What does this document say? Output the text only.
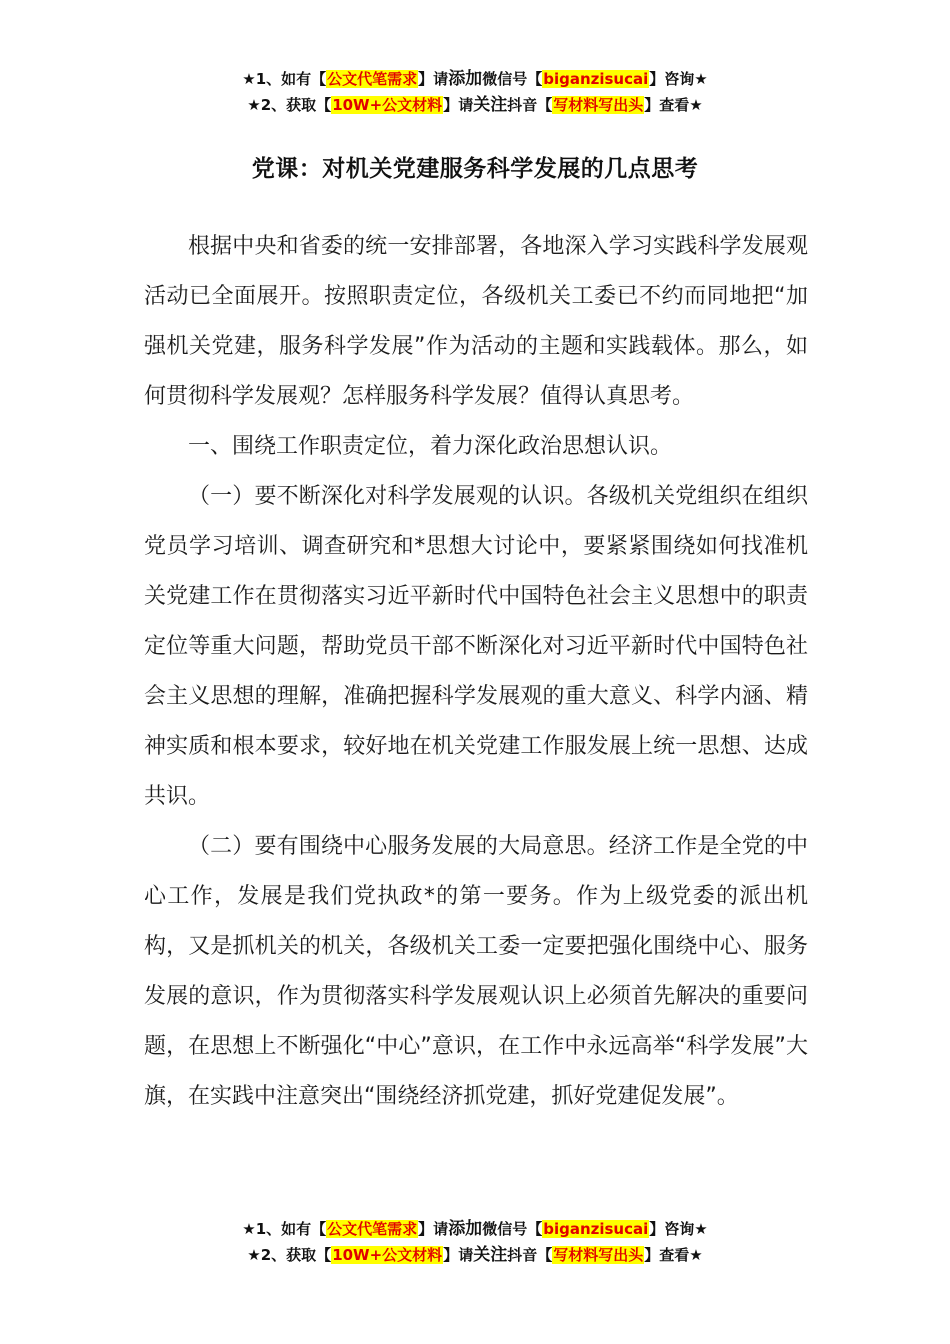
★1、如有【公文代笔需求】请添加微信号【biganzisucai】咨询★
★2、获取【10W+公文材料】请关注抖音【写材料写出头】查看★
党课：对机关党建服务科学发展的几点思考

根据中央和省委的统一安排部署，各地深入学习实践科学发展观活动已全面展开。按照职责定位，各级机关工委已不约而同地把“加强机关党建，服务科学发展”作为活动的主题和实践载体。那么，如何贯彻科学发展观？怎样服务科学发展？值得认真思考。

一、围绕工作职责定位，着力深化政治思想认识。

（一）要不断深化对科学发展观的认识。各级机关党组织在组织党员学习培训、调查研究和*思想大讨论中，要紧紧围绕如何找准机关党建工作在贯彻落实习近平新时代中国特色社会主义思想中的职责定位等重大问题，帮助党员干部不断深化对习近平新时代中国特色社会主义思想的理解，准确把握科学发展观的重大意义、科学内涵、精神实质和根本要求，较好地在机关党建工作服发展上统一思想、达成共识。

（二）要有围绕中心服务发展的大局意思。经济工作是全党的中心工作，发展是我们党执政*的第一要务。作为上级党委的派出机构，又是抓机关的机关，各级机关工委一定要把强化围绕中心、服务发展的意识，作为贯彻落实科学发展观认识上必须首先解决的重要问题，在思想上不断强化“中心”意识，在工作中永远高举“科学发展”大旗，在实践中注意突出“围绕经济抓党建，抓好党建促发展”。

★1、如有【公文代笔需求】请添加微信号【biganzisucai】咨询★
★2、获取【10W+公文材料】请关注抖音【写材料写出头】查看★
